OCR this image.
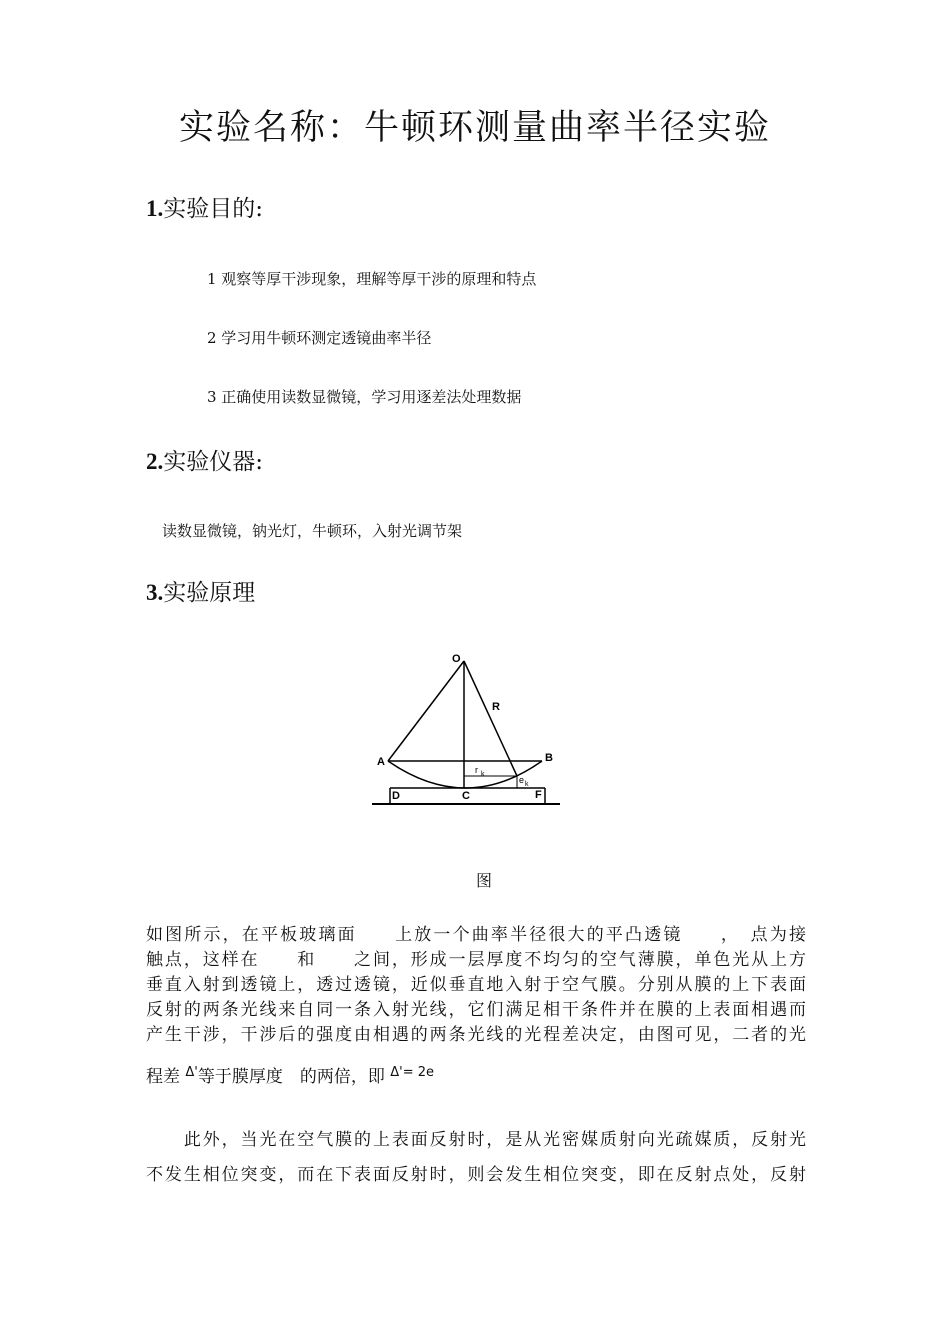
实验名称：牛顿环测量曲率半径实验
1.实验目的:
1 观察等厚干涉现象，理解等厚干涉的原理和特点
2 学习用牛顿环测定透镜曲率半径
3 正确使用读数显微镜，学习用逐差法处理数据
2.实验仪器:
读数显微镜，钠光灯，牛顿环，入射光调节架
3.实验原理
O
R
A	B
C
D	F
r k
e k
图
如图所示，在平板玻璃面　　上放一个曲率半径很大的平凸透镜　　，　点为接
触点，这样在　　和　　之间，形成一层厚度不均匀的空气薄膜，单色光从上方
垂直入射到透镜上，透过透镜，近似垂直地入射于空气膜。分别从膜的上下表面
反射的两条光线来自同一条入射光线，它们满足相干条件并在膜的上表面相遇而
产生干涉，干涉后的强度由相遇的两条光线的光程差决定，由图可见，二者的光
程差 $^{\Delta'}$等于膜厚度　的两倍，即 $^{\Delta'= 2e}$
　　此外，当光在空气膜的上表面反射时，是从光密媒质射向光疏媒质，反射光
不发生相位突变，而在下表面反射时，则会发生相位突变，即在反射点处，反射
